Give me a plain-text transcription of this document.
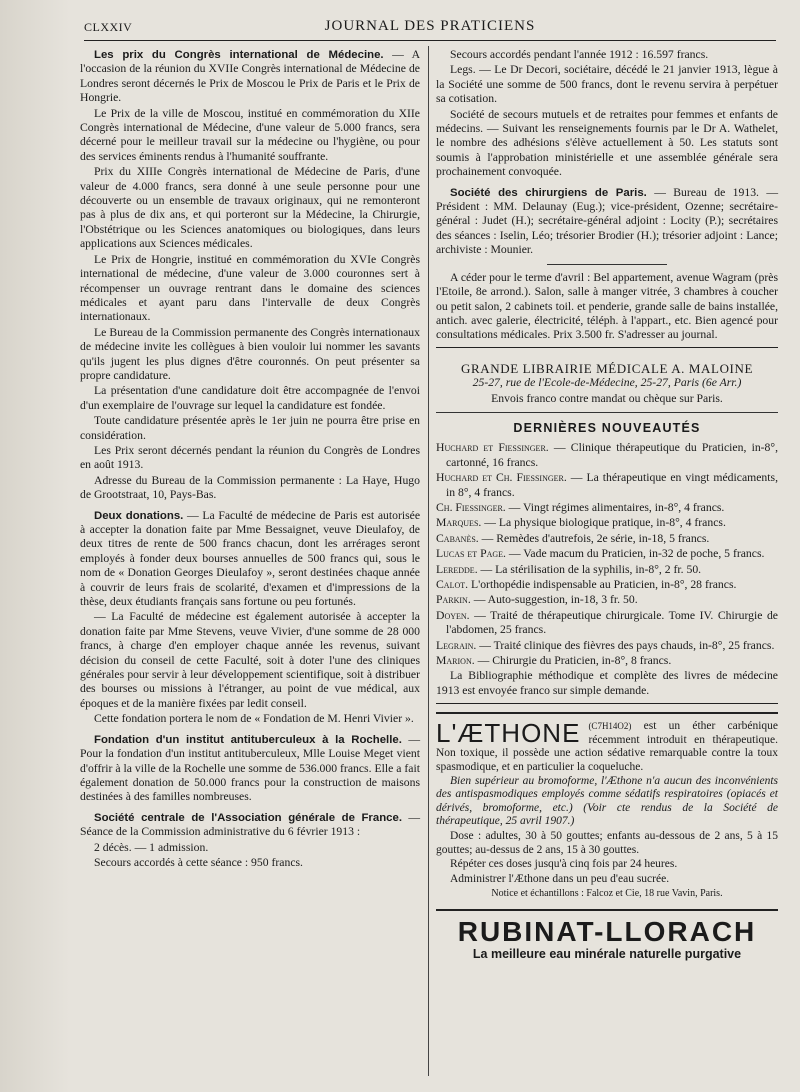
CLXXIV	JOURNAL DES PRATICIENS

Les prix du Congrès international de Médecine. — A l'occasion de la réunion du XVIIe Congrès international de Médecine de Londres seront décernés le Prix de Moscou le Prix de Paris et le Prix de Hongrie.

Le Prix de la ville de Moscou, institué en commémoration du XIIe Congrès international de Médecine, d'une valeur de 5.000 francs, sera décerné pour le meilleur travail sur la médecine ou l'hygiène, ou pour des services éminents rendus à l'humanité souffrante.

Prix du XIIIe Congrès international de Médecine de Paris, d'une valeur de 4.000 francs, sera donné à une seule personne pour une découverte ou un ensemble de travaux originaux, qui ne remonteront pas à plus de dix ans, et qui porteront sur la Médecine, la Chirurgie, l'Obstétrique ou les Sciences anatomiques ou biologiques, dans leurs applications aux Sciences médicales.

Le Prix de Hongrie, institué en commémoration du XVIe Congrès international de médecine, d'une valeur de 3.000 couronnes sert à récompenser un ouvrage rentrant dans le domaine des sciences médicales et ayant paru dans l'intervalle de deux Congrès internationaux.

Le Bureau de la Commission permanente des Congrès internationaux de médecine invite les collègues à bien vouloir lui nommer les savants qu'ils jugent les plus dignes d'être couronnés. On peut présenter sa propre candidature.

La présentation d'une candidature doit être accompagnée de l'envoi d'un exemplaire de l'ouvrage sur lequel la candidature est fondée.

Toute candidature présentée après le 1er juin ne pourra être prise en considération.

Les Prix seront décernés pendant la réunion du Congrès de Londres en août 1913.

Adresse du Bureau de la Commission permanente : La Haye, Hugo de Grootstraat, 10, Pays-Bas.

Deux donations. — La Faculté de médecine de Paris est autorisée à accepter la donation faite par Mme Bessaignet, veuve Dieulafoy, de deux titres de rente de 500 francs chacun, dont les arrérages seront employés à fonder deux bourses annuelles de 500 francs qui, sous le nom de « Donation Georges Dieulafoy », seront destinées chaque année à couvrir de leurs frais de scolarité, d'examen et d'impressions de la thèse, deux étudiants français sans fortune ou peu fortunés.

— La Faculté de médecine est également autorisée à accepter la donation faite par Mme Stevens, veuve Vivier, d'une somme de 28 000 francs, à charge d'en employer chaque année les revenus, suivant décision du conseil de cette Faculté, soit à doter l'une des cliniques générales pour servir à leur développement scientifique, soit à distribuer des bourses ou missions à l'étranger, au point de vue médical, aux époques et de la manière fixées par ledit conseil.

Cette fondation portera le nom de « Fondation de M. Henri Vivier ».

Fondation d'un institut antituberculeux à la Rochelle. — Pour la fondation d'un institut antituberculeux, Mlle Louise Meget vient d'offrir à la ville de la Rochelle une somme de 536.000 francs. Elle a fait également donation de 50.000 francs pour la construction de maisons destinées à des familles nombreuses.

Société centrale de l'Association générale de France. — Séance de la Commission administrative du 6 février 1913 :

2 décès. — 1 admission.

Secours accordés à cette séance : 950 francs.

Secours accordés pendant l'année 1912 : 16.597 francs.

Legs. — Le Dr Decori, sociétaire, décédé le 21 janvier 1913, lègue à la Société une somme de 500 francs, dont le revenu servira à perpétuer sa cotisation.

Société de secours mutuels et de retraites pour femmes et enfants de médecins. — Suivant les renseignements fournis par le Dr A. Wathelet, le nombre des adhésions s'élève actuellement à 50. Les statuts sont soumis à l'approbation ministérielle et une assemblée générale sera prochainement convoquée.

Société des chirurgiens de Paris. — Bureau de 1913. — Président : MM. Delaunay (Eug.); vice-président, Ozenne; secrétaire-général : Judet (H.); secrétaire-général adjoint : Locity (P.); secrétaires des séances : Iselin, Léo; trésorier Brodier (H.); trésorier adjoint : Lance; archiviste : Mounier.

A céder pour le terme d'avril : Bel appartement, avenue Wagram (près l'Etoile, 8e arrond.). Salon, salle à manger vitrée, 3 chambres à coucher ou petit salon, 2 cabinets toil. et penderie, grande salle de bains installée, antich. avec galerie, électricité, téléph. à l'appart., etc. Bien agencé pour consultations médicales. Prix 3.500 fr. S'adresser au journal.

GRANDE LIBRAIRIE MÉDICALE A. MALOINE

25-27, rue de l'Ecole-de-Médecine, 25-27, Paris (6e Arr.)

Envois franco contre mandat ou chèque sur Paris.

DERNIÈRES NOUVEAUTÉS

Huchard et Fiessinger. — Clinique thérapeutique du Praticien, in-8°, cartonné, 16 francs.

Huchard et Ch. Fiessinger. — La thérapeutique en vingt médicaments, in 8°, 4 francs.

Ch. Fiessinger. — Vingt régimes alimentaires, in-8°, 4 francs.

Marques. — La physique biologique pratique, in-8°, 4 francs.

Cabanès. — Remèdes d'autrefois, 2e série, in-18, 5 francs.

Lucas et Page. — Vade macum du Praticien, in-32 de poche, 5 francs.

Leredde. — La stérilisation de la syphilis, in-8°, 2 fr. 50.

Calot. L'orthopédie indispensable au Praticien, in-8°, 28 francs.

Parkin. — Auto-suggestion, in-18, 3 fr. 50.

Doyen. — Traité de thérapeutique chirurgicale. Tome IV. Chirurgie de l'abdomen, 25 francs.

Legrain. — Traité clinique des fièvres des pays chauds, in-8°, 25 francs.

Marion. — Chirurgie du Praticien, in-8°, 8 francs.

La Bibliographie méthodique et complète des livres de médecine 1913 est envoyée franco sur simple demande.

L'ÆTHONE (C7H14O2) est un éther carbénique récemment introduit en thérapeutique. Non toxique, il possède une action sédative remarquable contre la toux spasmodique, et en particulier la coqueluche.

Bien supérieur au bromoforme, l'Æthone n'a aucun des inconvénients des antispasmodiques employés comme sédatifs respiratoires (opiacés et dérivés, bromoforme, etc.) (Voir cte rendus de la Société de thérapeutique, 25 avril 1907.)

Dose : adultes, 30 à 50 gouttes; enfants au-dessous de 2 ans, 5 à 15 gouttes; au-dessus de 2 ans, 15 à 30 gouttes.

Répéter ces doses jusqu'à cinq fois par 24 heures.

Administrer l'Æthone dans un peu d'eau sucrée.

Notice et échantillons : Falcoz et Cie, 18 rue Vavin, Paris.

RUBINAT-LLORACH
La meilleure eau minérale naturelle purgative
